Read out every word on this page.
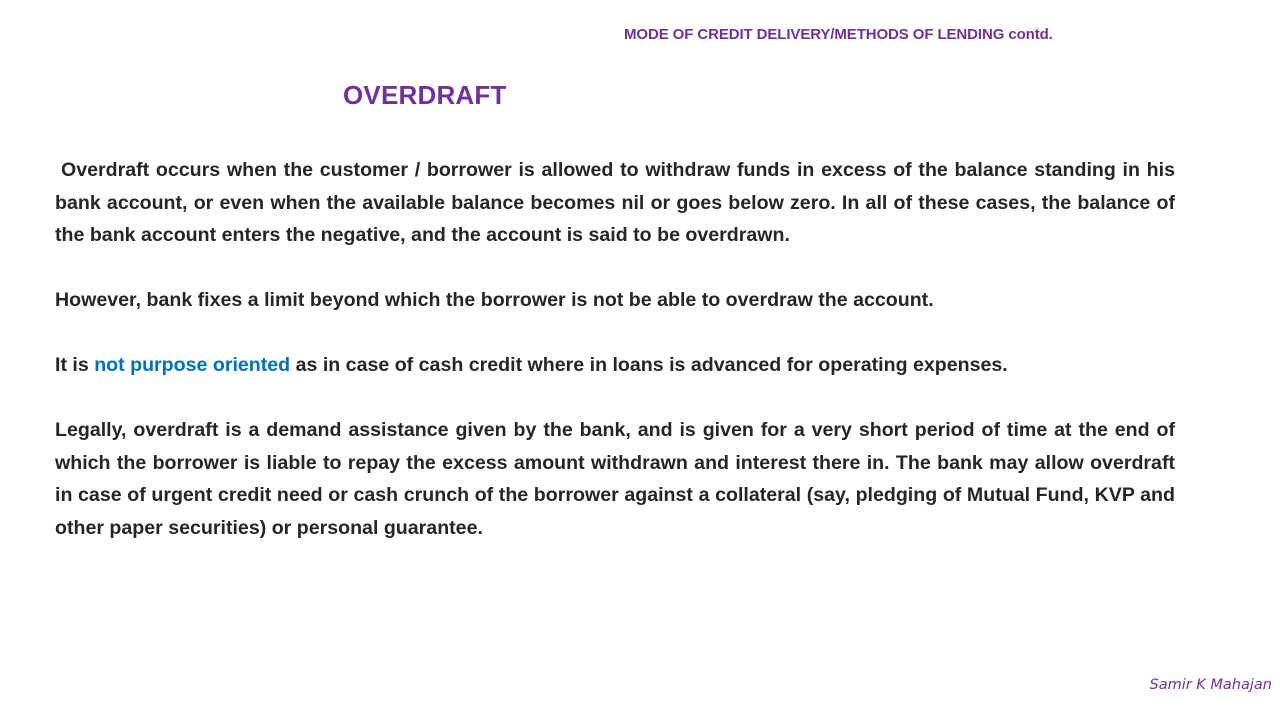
MODE OF CREDIT DELIVERY/METHODS OF LENDING contd.
OVERDRAFT

Overdraft occurs when the customer / borrower is allowed to withdraw funds in excess of the balance standing in his bank account, or even when the available balance becomes nil or goes below zero. In all of these cases, the balance of the bank account enters the negative, and the account is said to be overdrawn.

However, bank fixes a limit beyond which the borrower is not be able to overdraw the account.

It is not purpose oriented as in case of cash credit where in loans is advanced for operating expenses.

Legally, overdraft is a demand assistance given by the bank, and is given for a very short period of time at the end of which the borrower is liable to repay the excess amount withdrawn and interest there in. The bank may allow overdraft in case of urgent credit need or cash crunch of the borrower against a collateral (say, pledging of Mutual Fund, KVP and other paper securities) or personal guarantee.

Samir K Mahajan
